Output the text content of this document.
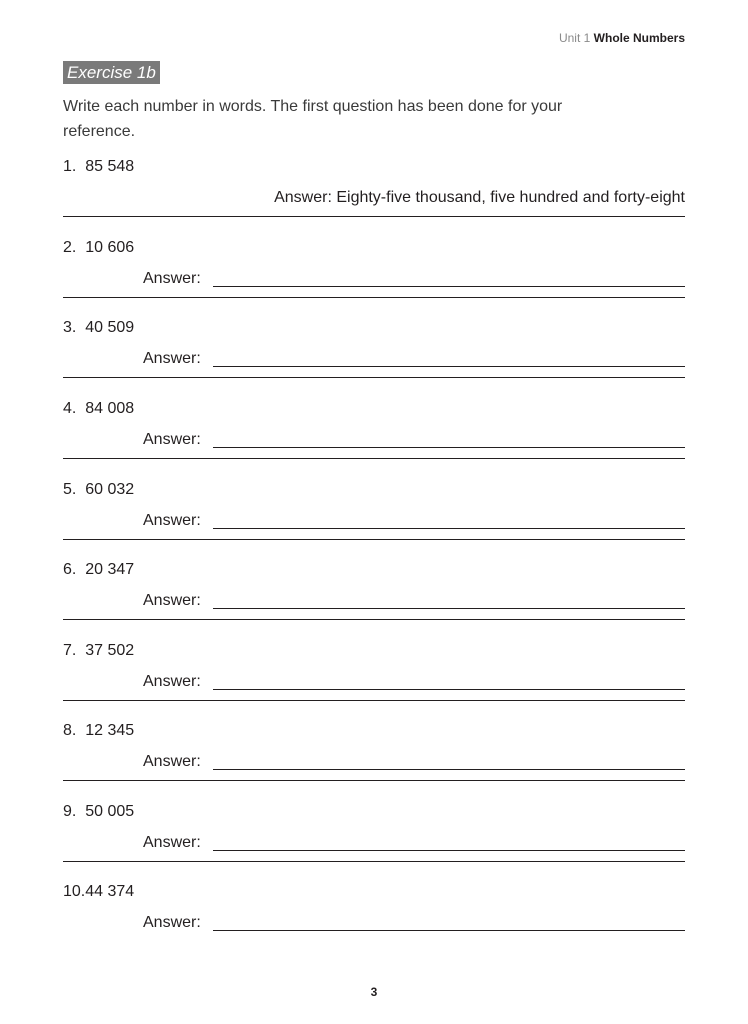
Unit 1 Whole Numbers
Exercise 1b
Write each number in words. The first question has been done for your reference.
1. 85 548
Answer: Eighty-five thousand, five hundred and forty-eight
2. 10 606
Answer:
3. 40 509
Answer:
4. 84 008
Answer:
5. 60 032
Answer:
6. 20 347
Answer:
7. 37 502
Answer:
8. 12 345
Answer:
9. 50 005
Answer:
10.44 374
Answer:
3
